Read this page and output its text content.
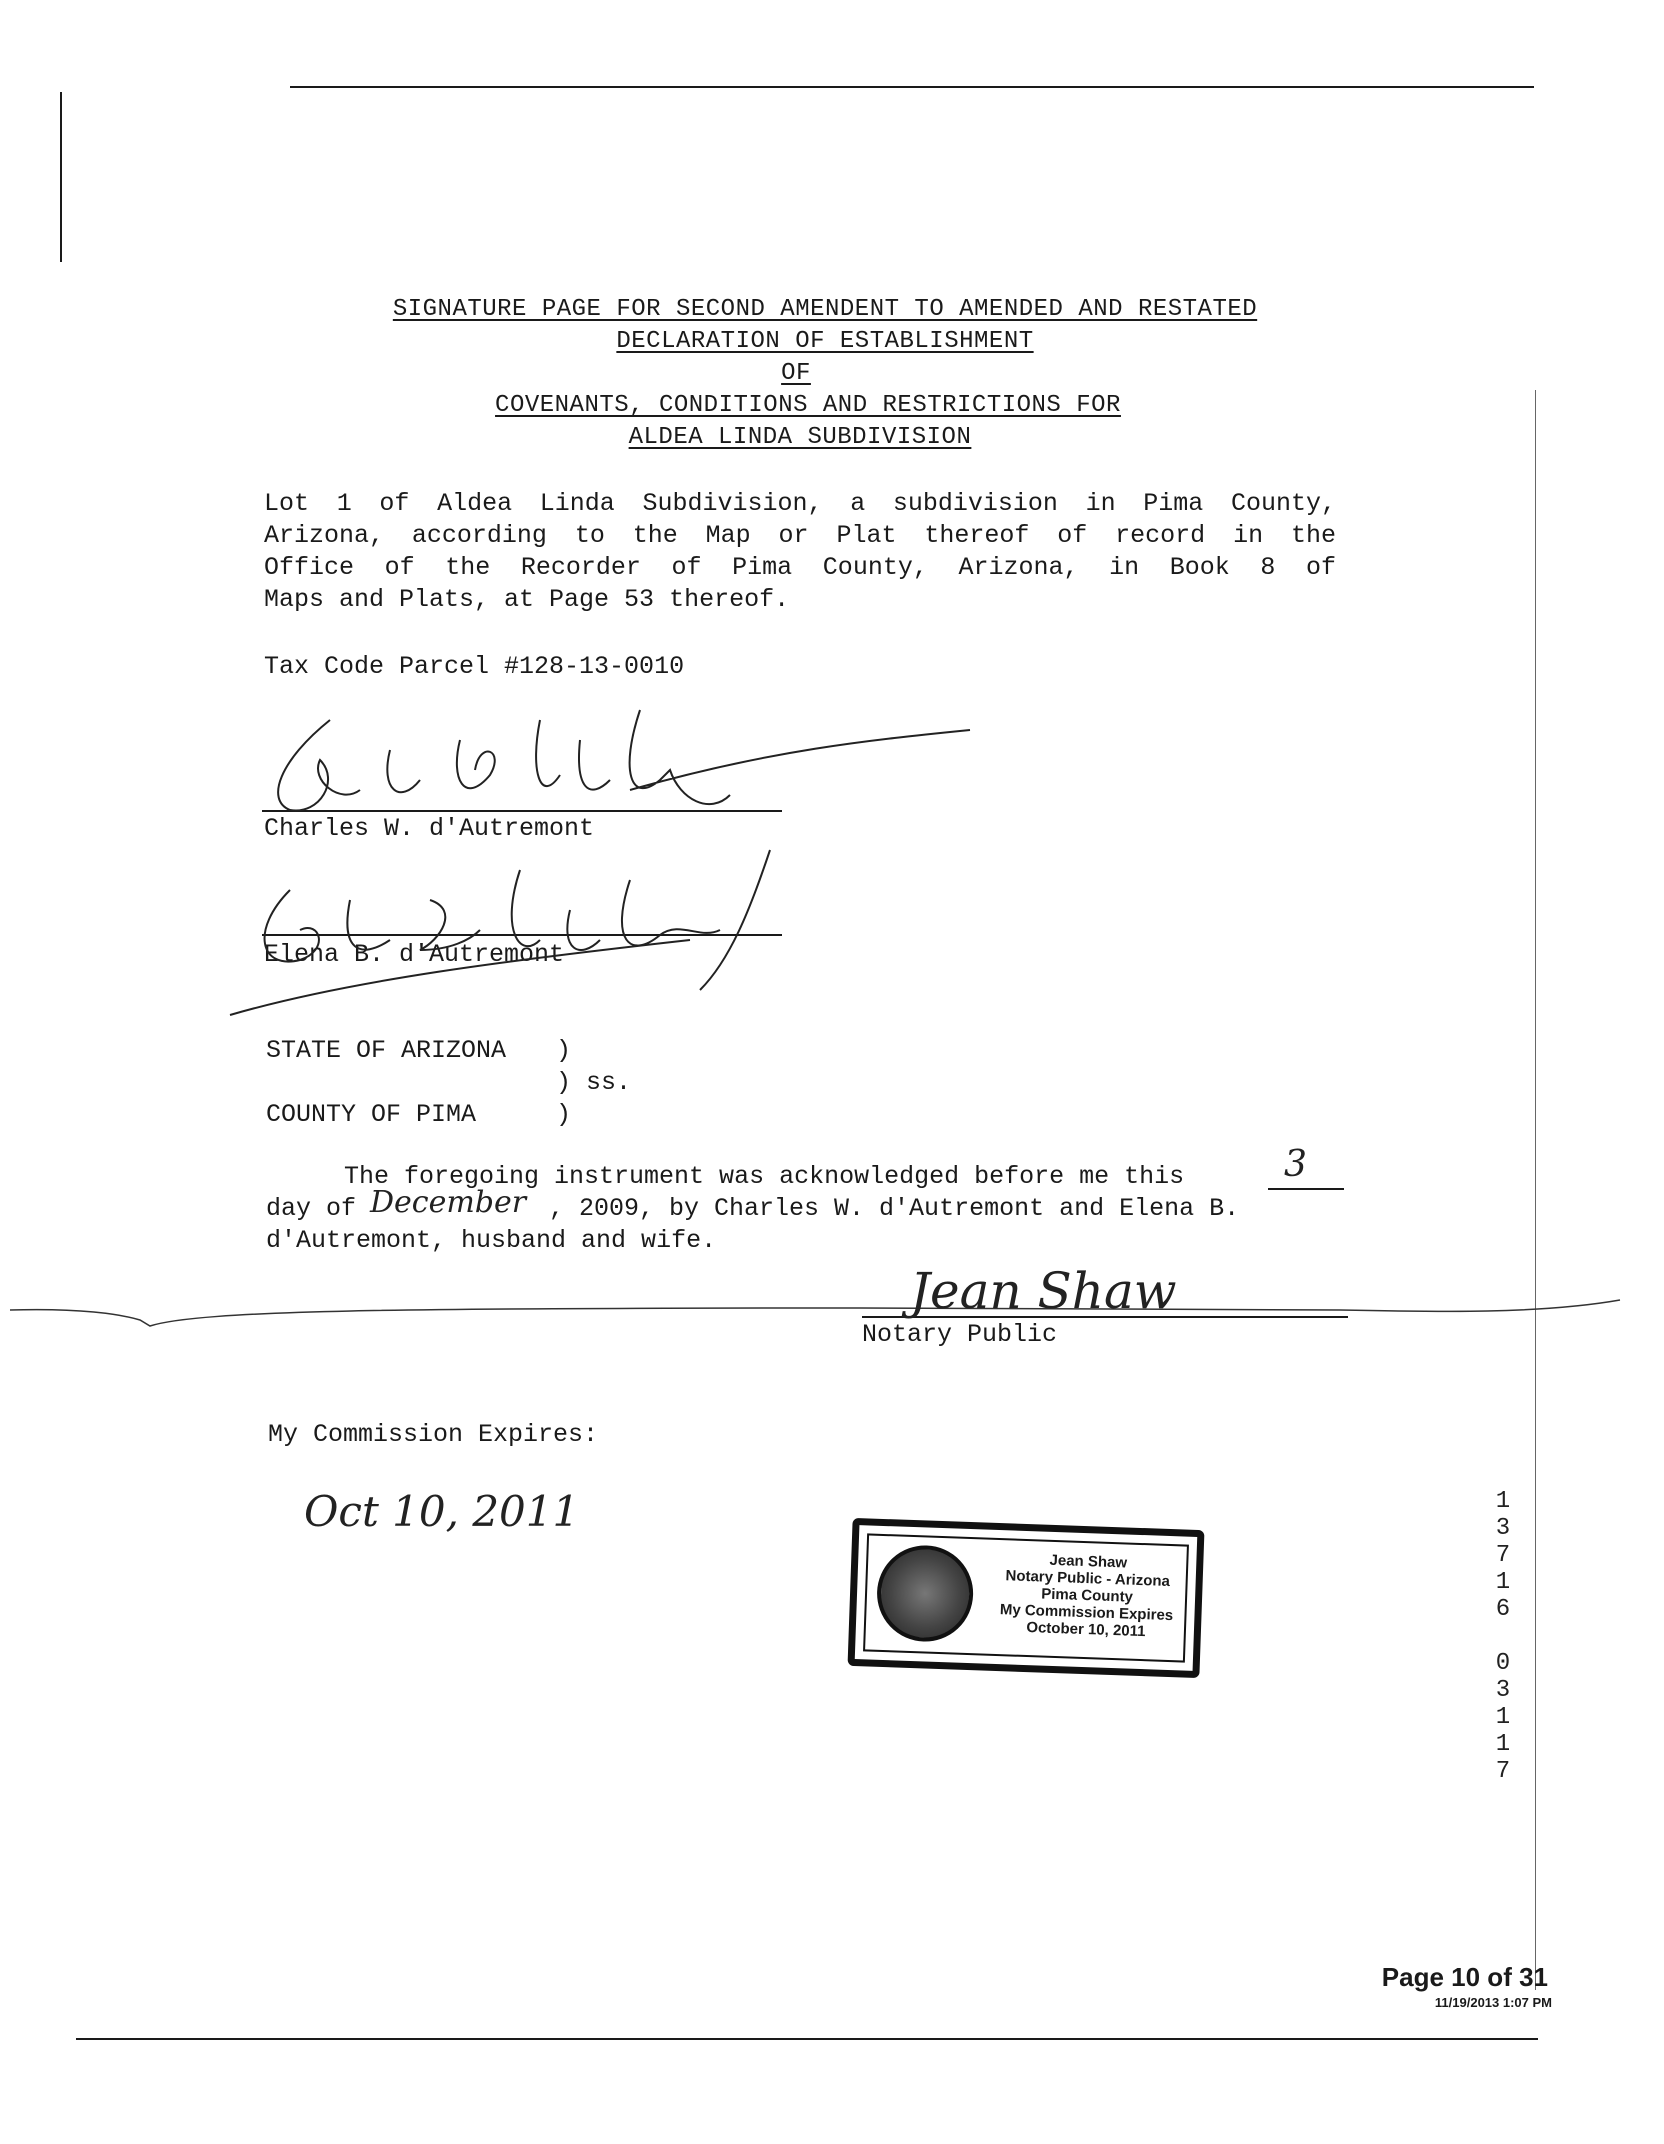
SIGNATURE PAGE FOR SECOND AMENDENT TO AMENDED AND RESTATED
DECLARATION OF ESTABLISHMENT
OF
COVENANTS, CONDITIONS AND RESTRICTIONS FOR
ALDEA LINDA SUBDIVISION

Lot 1 of Aldea Linda Subdivision, a subdivision in Pima County,

Arizona, according to the Map or Plat thereof of record in the

Office of the Recorder of Pima County, Arizona, in Book 8 of

Maps and Plats, at Page 53 thereof.

Tax Code Parcel #128-13-0010
Charles W. d'Autremont
Elena B. d'Autremont
STATE OF ARIZONA )
) ss.
COUNTY OF PIMA	)
The foregoing instrument was acknowledged before me this	3
day of December , 2009, by Charles W. d'Autremont and Elena B.
d'Autremont, husband and wife.
Jean Shaw
Notary Public
My Commission Expires:
Oct 10, 2011
Jean Shaw
Notary Public - Arizona
Pima County
My Commission Expires
October 10, 2011
1
3
7
1
6

0
3
1
1
7
Page 10 of 31
11/19/2013 1:07 PM
